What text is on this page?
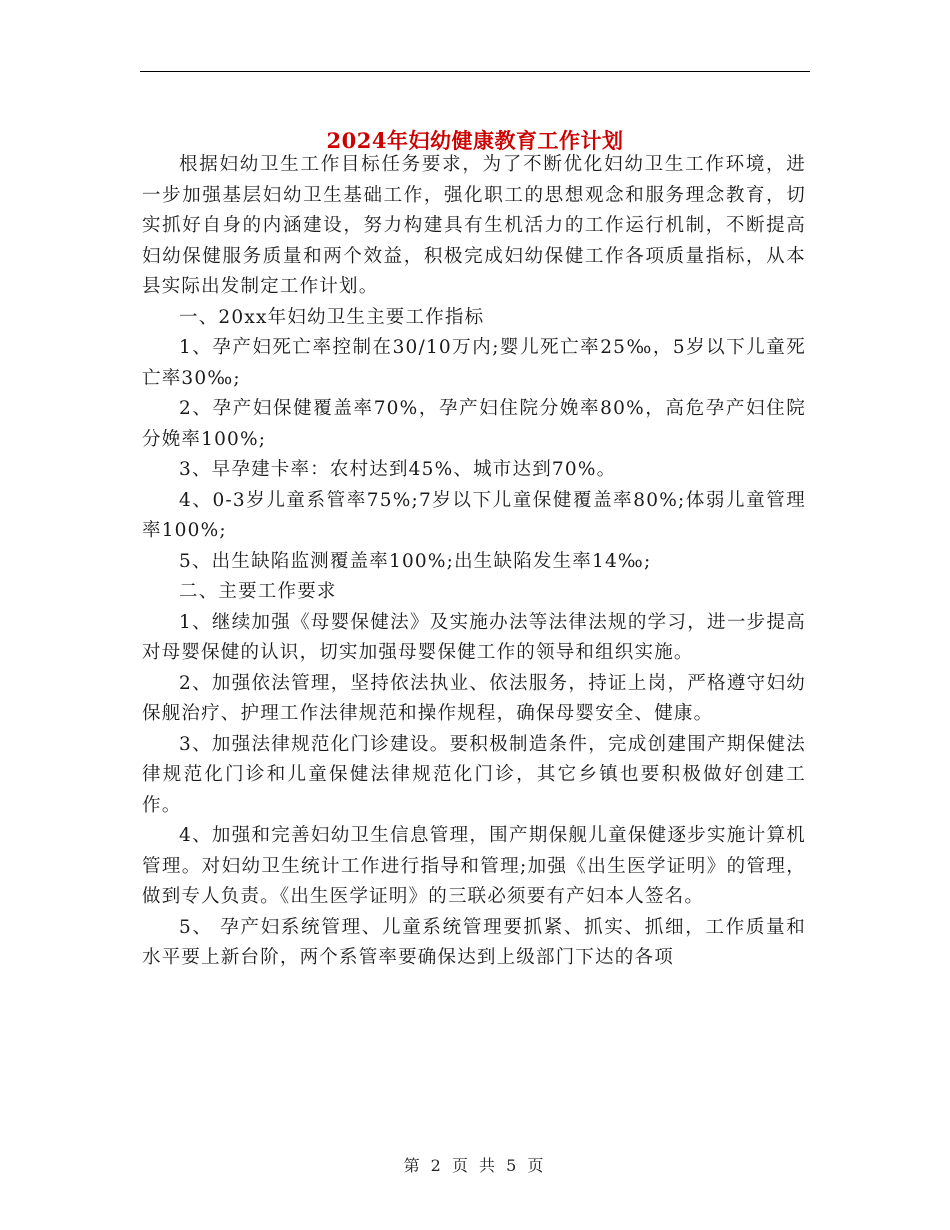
2024年妇幼健康教育工作计划

根据妇幼卫生工作目标任务要求，为了不断优化妇幼卫生工作环境，进一步加强基层妇幼卫生基础工作，强化职工的思想观念和服务理念教育，切实抓好自身的内涵建设，努力构建具有生机活力的工作运行机制，不断提高妇幼保健服务质量和两个效益，积极完成妇幼保健工作各项质量指标，从本县实际出发制定工作计划。

一、20xx年妇幼卫生主要工作指标

1、孕产妇死亡率控制在30/10万内;婴儿死亡率25‰，5岁以下儿童死亡率30‰;

2、孕产妇保健覆盖率70%，孕产妇住院分娩率80%，高危孕产妇住院分娩率100%;

3、早孕建卡率：农村达到45%、城市达到70%。

4、0-3岁儿童系管率75%;7岁以下儿童保健覆盖率80%;体弱儿童管理率100%;

5、出生缺陷监测覆盖率100%;出生缺陷发生率14‰;

二、主要工作要求

1、继续加强《母婴保健法》及实施办法等法律法规的学习，进一步提高对母婴保健的认识，切实加强母婴保健工作的领导和组织实施。

2、加强依法管理，坚持依法执业、依法服务，持证上岗，严格遵守妇幼保舰治疗、护理工作法律规范和操作规程，确保母婴安全、健康。

3、加强法律规范化门诊建设。要积极制造条件，完成创建围产期保健法律规范化门诊和儿童保健法律规范化门诊，其它乡镇也要积极做好创建工作。

4、加强和完善妇幼卫生信息管理，围产期保舰儿童保健逐步实施计算机管理。对妇幼卫生统计工作进行指导和管理;加强《出生医学证明》的管理，做到专人负责。《出生医学证明》的三联必须要有产妇本人签名。

5、 孕产妇系统管理、儿童系统管理要抓紧、抓实、抓细，工作质量和水平要上新台阶，两个系管率要确保达到上级部门下达的各项

第 2 页 共 5 页
